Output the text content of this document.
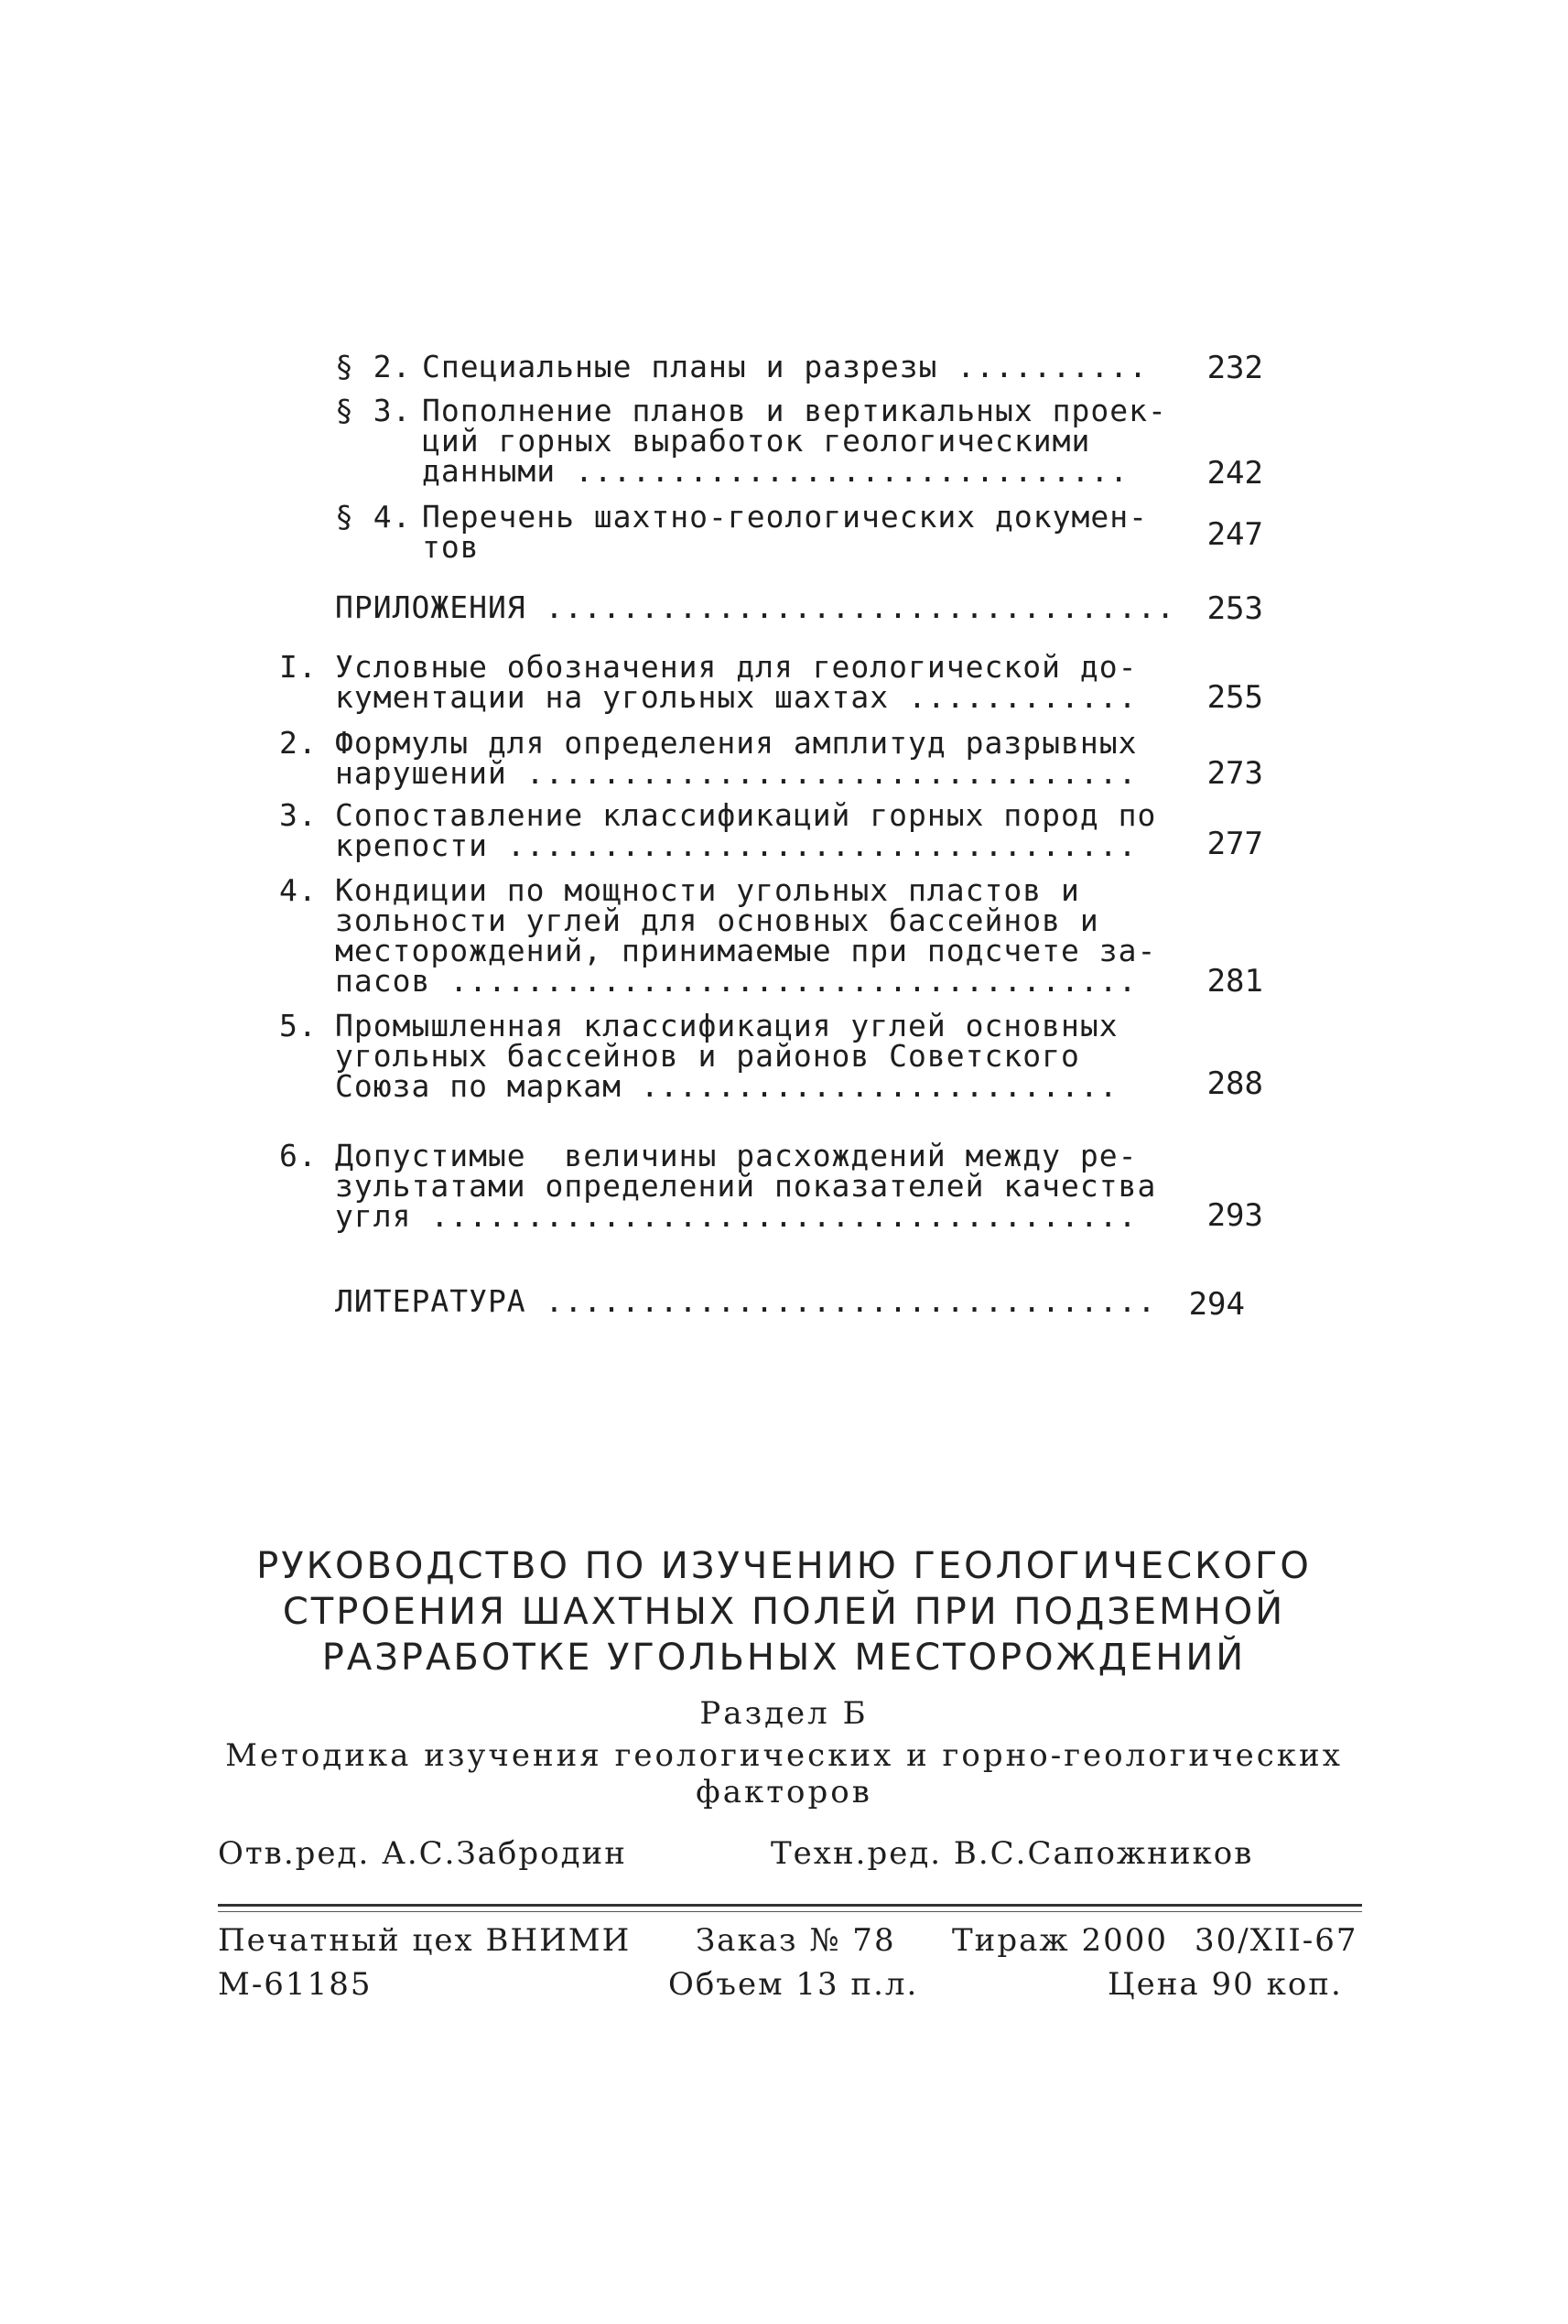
§ 2. Специальные планы и разрезы ..........	232
§ 3. Пополнение планов и вертикальных проек-
ций горных выработок геологическими
данными .............................	242
§ 4. Перечень шахтно-геологических докумен-
тов	247
ПРИЛОЖЕНИЯ .................................	253
I. Условные обозначения для геологической до-
кументации на угольных шахтах ............	255
2. Формулы для определения амплитуд разрывных
нарушений ................................	273
3. Сопоставление классификаций горных пород по
крепости .................................	277
4. Кондиции по мощности угольных пластов и
зольности углей для основных бассейнов и
месторождений, принимаемые при подсчете за-
пасов ....................................	281
5. Промышленная классификация углей основных
угольных бассейнов и районов Советского
Союза по маркам .........................	288
6. Допустимые  величины расхождений между ре-
зультатами определений показателей качества
угля .....................................	293
ЛИТЕРАТУРА ................................	294
РУКОВОДСТВО ПО ИЗУЧЕНИЮ ГЕОЛОГИЧЕСКОГО
СТРОЕНИЯ ШАХТНЫХ ПОЛЕЙ ПРИ ПОДЗЕМНОЙ
РАЗРАБОТКЕ УГОЛЬНЫХ МЕСТОРОЖДЕНИЙ
Раздел Б
Методика изучения геологических и горно-геологических
факторов
Отв.ред. А.С.Забродин	Техн.ред. В.С.Сапожников
Печатный цех ВНИМИ Заказ № 78 Тираж 2000 30/XII-67
М-61185	Объем 13 п.л.	Цена 90 коп.
